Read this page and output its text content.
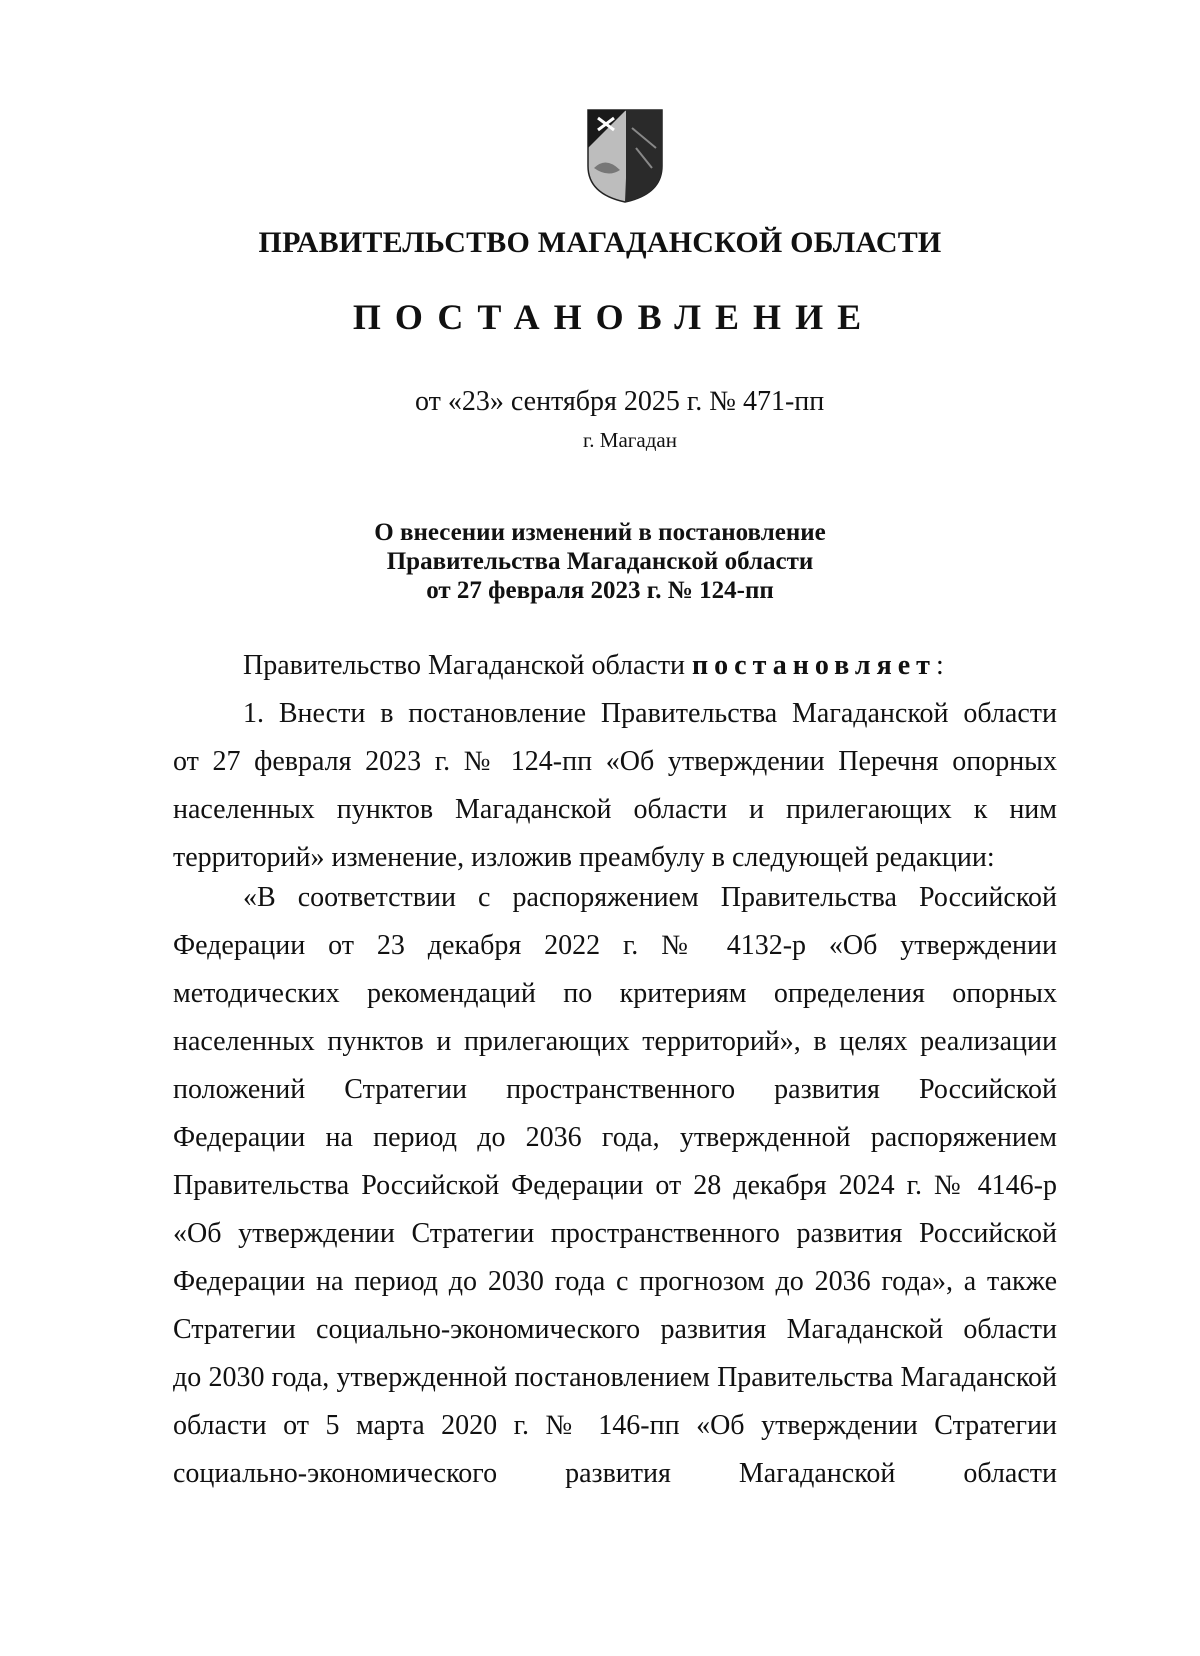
ПРАВИТЕЛЬСТВО МАГАДАНСКОЙ ОБЛАСТИ
ПОСТАНОВЛЕНИЕ
от «23» сентября 2025 г. № 471-пп
г. Магадан
О внесении изменений в постановление
Правительства Магаданской области
от 27 февраля 2023 г. № 124-пп
Правительство Магаданской области постановляет:
1. Внести в постановление Правительства Магаданской области
от 27 февраля 2023 г. № 124-пп «Об утверждении Перечня опорных
населенных пунктов Магаданской области и прилегающих к ним
территорий» изменение, изложив преамбулу в следующей редакции:
«В соответствии с распоряжением Правительства Российской
Федерации от 23 декабря 2022 г. № 4132-р «Об утверждении
методических рекомендаций по критериям определения опорных
населенных пунктов и прилегающих территорий», в целях реализации
положений Стратегии пространственного развития Российской
Федерации на период до 2036 года, утвержденной распоряжением
Правительства Российской Федерации от 28 декабря 2024 г. № 4146-р
«Об утверждении Стратегии пространственного развития Российской
Федерации на период до 2030 года с прогнозом до 2036 года», а также
Стратегии социально-экономического развития Магаданской области
до 2030 года, утвержденной постановлением Правительства Магаданской
области от 5 марта 2020 г. № 146-пп «Об утверждении Стратегии
социально-экономического развития Магаданской области
